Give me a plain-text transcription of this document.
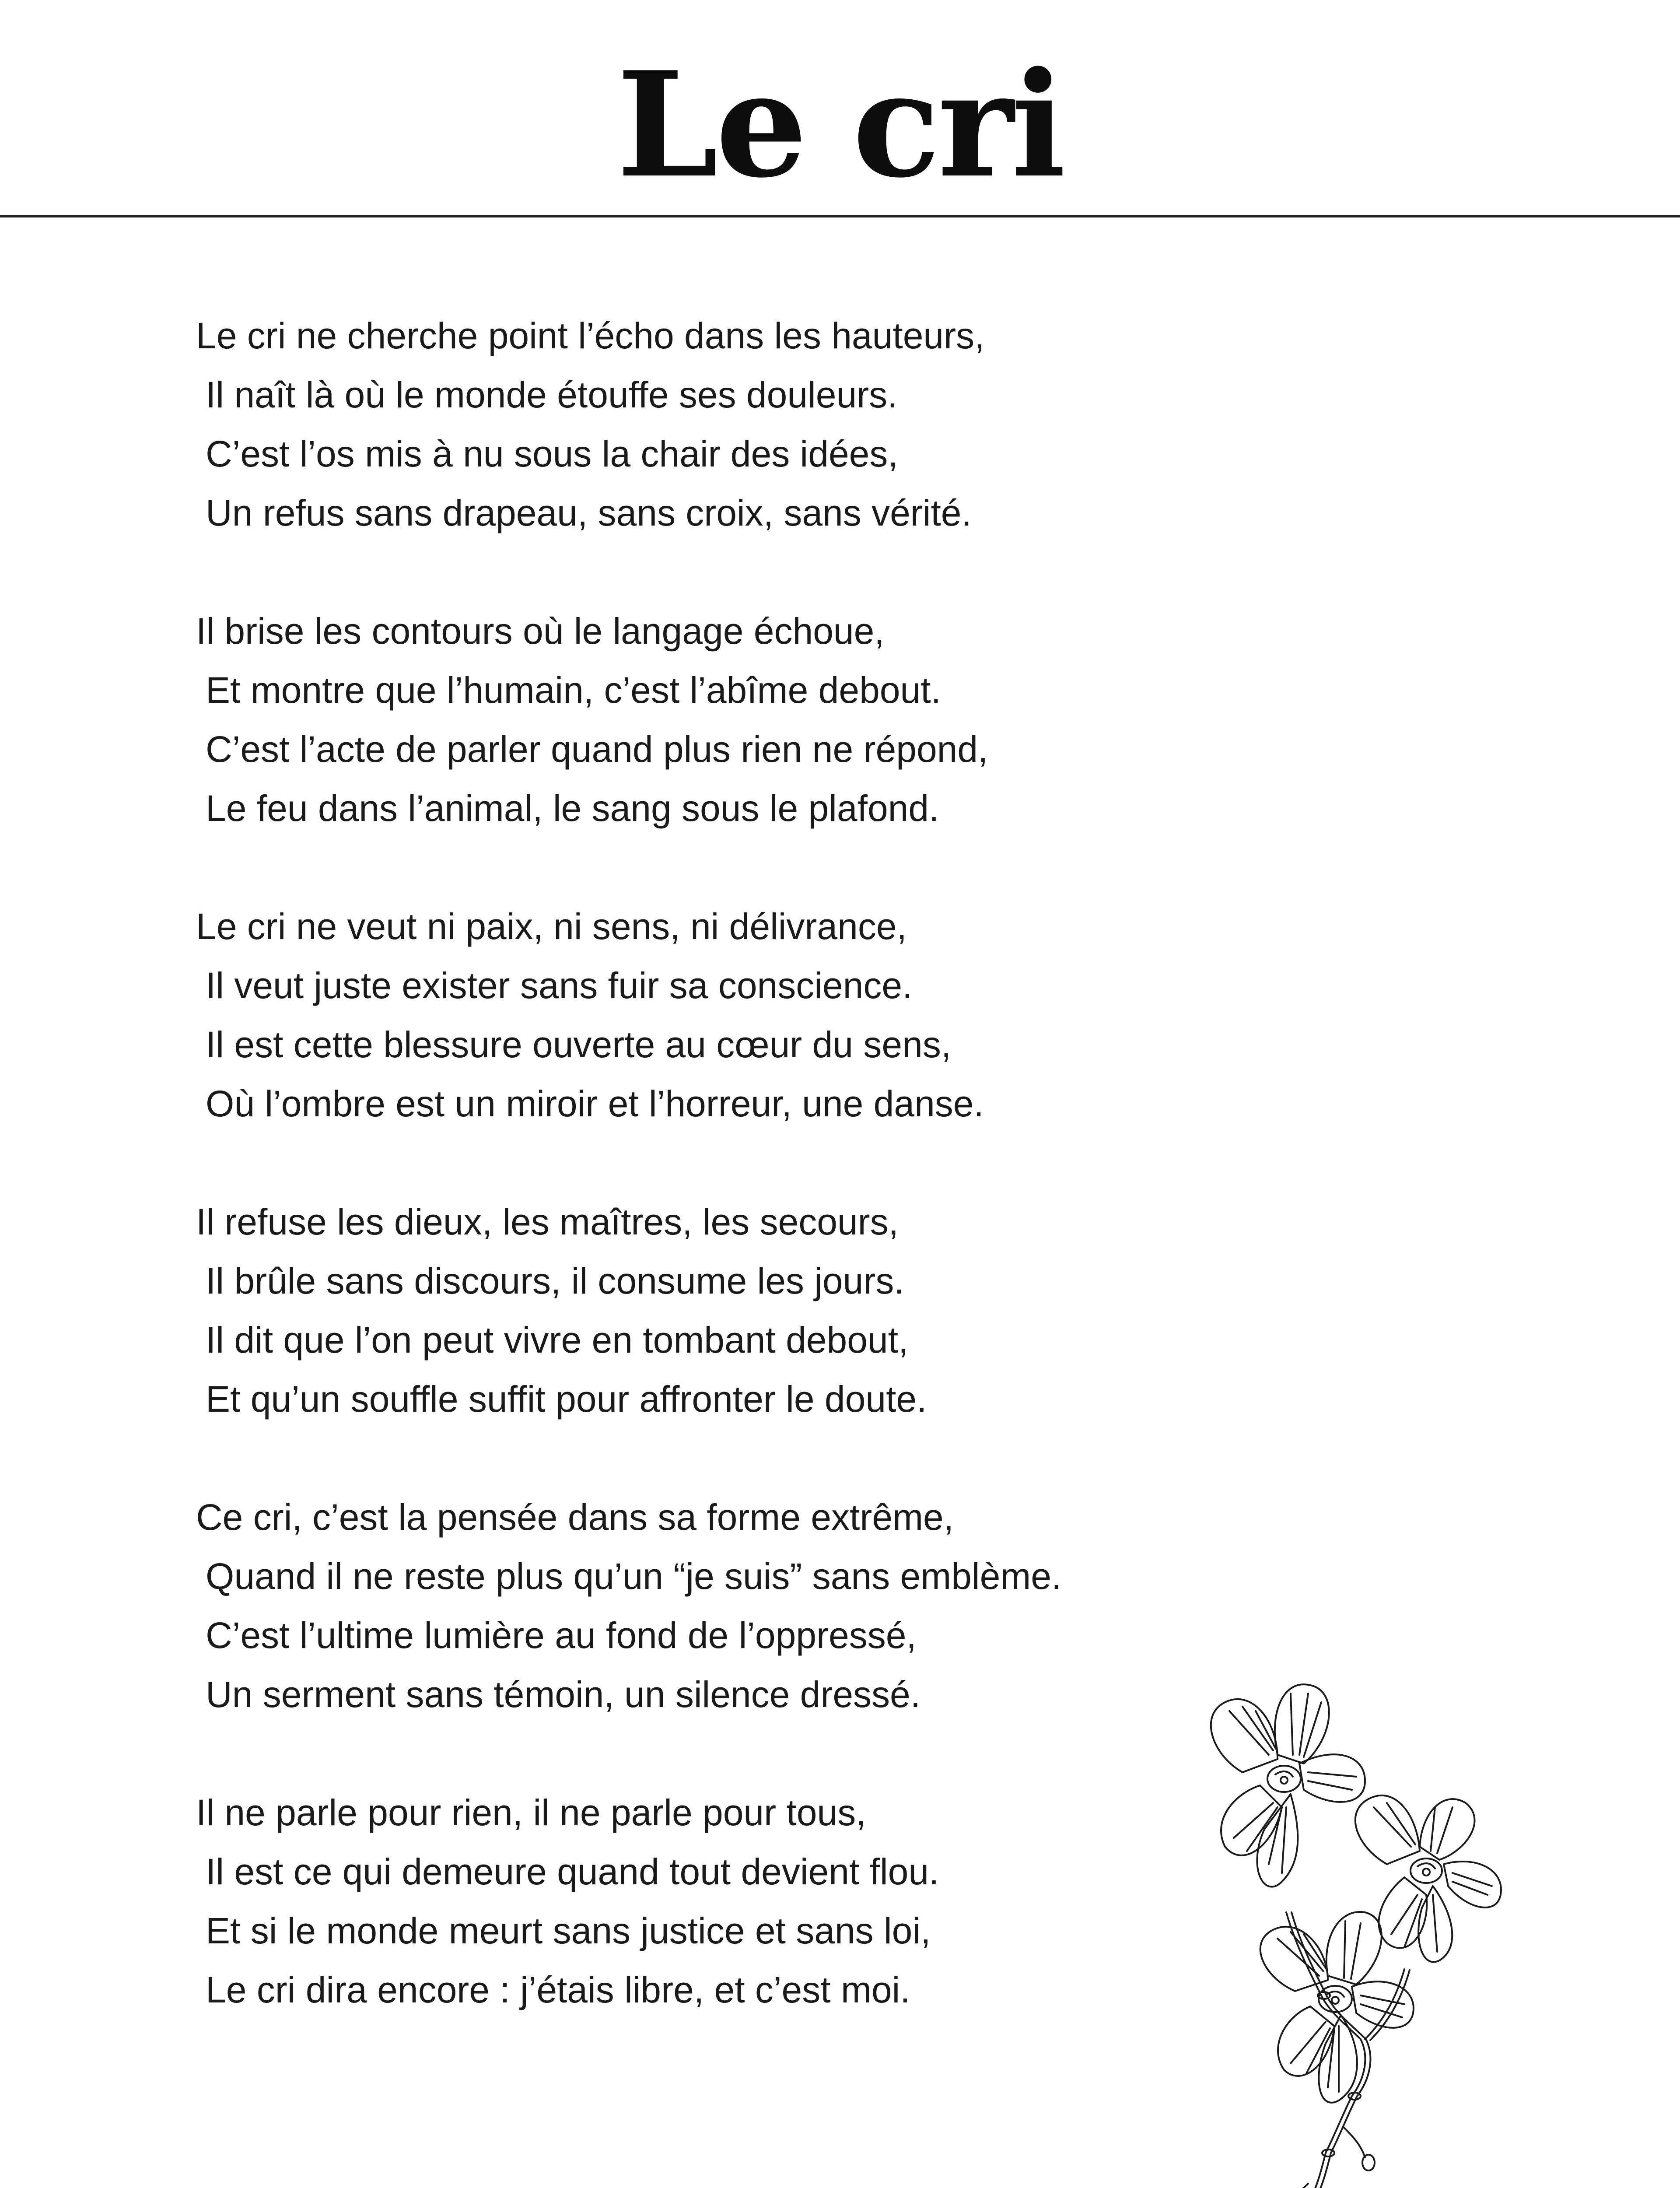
Le cri
Le cri ne cherche point l’écho dans les hauteurs,
Il naît là où le monde étouffe ses douleurs.
C’est l’os mis à nu sous la chair des idées,
Un refus sans drapeau, sans croix, sans vérité.
Il brise les contours où le langage échoue,
Et montre que l’humain, c’est l’abîme debout.
C’est l’acte de parler quand plus rien ne répond,
Le feu dans l’animal, le sang sous le plafond.
Le cri ne veut ni paix, ni sens, ni délivrance,
Il veut juste exister sans fuir sa conscience.
Il est cette blessure ouverte au cœur du sens,
Où l’ombre est un miroir et l’horreur, une danse.
Il refuse les dieux, les maîtres, les secours,
Il brûle sans discours, il consume les jours.
Il dit que l’on peut vivre en tombant debout,
Et qu’un souffle suffit pour affronter le doute.
Ce cri, c’est la pensée dans sa forme extrême,
Quand il ne reste plus qu’un “je suis” sans emblème.
C’est l’ultime lumière au fond de l’oppressé,
Un serment sans témoin, un silence dressé.
Il ne parle pour rien, il ne parle pour tous,
Il est ce qui demeure quand tout devient flou.
Et si le monde meurt sans justice et sans loi,
Le cri dira encore : j’étais libre, et c’est moi.
